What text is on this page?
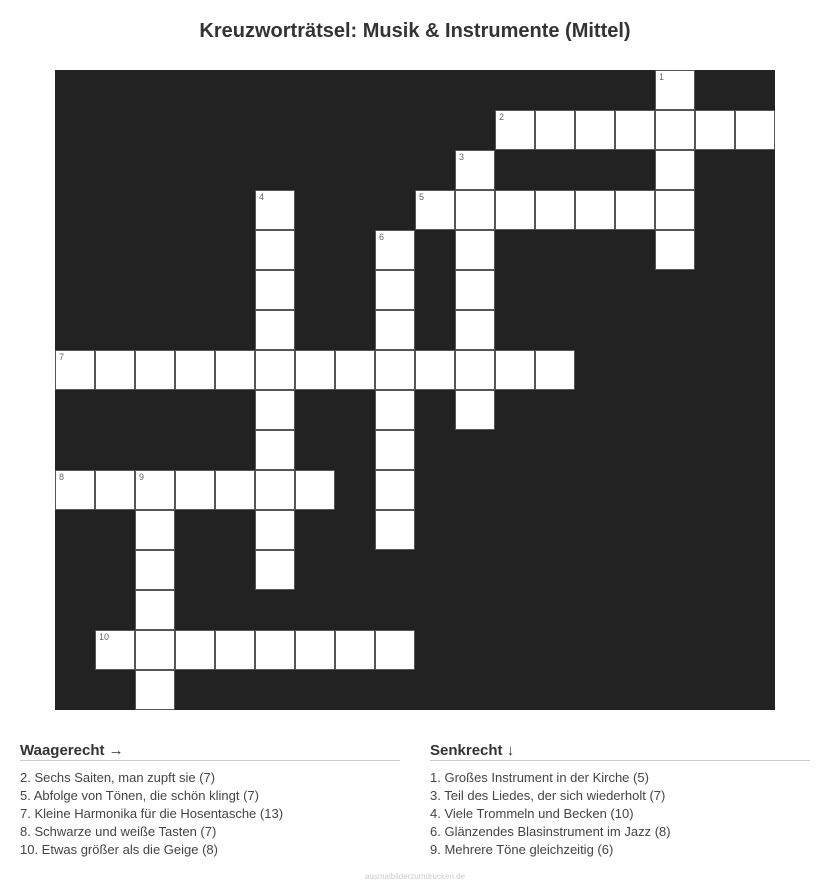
Kreuzworträtsel: Musik & Instrumente (Mittel)
1
2
3
4	5
6
7
8	9
10
Waagerecht →
2. Sechs Saiten, man zupft sie (7)
5. Abfolge von Tönen, die schön klingt (7)
7. Kleine Harmonika für die Hosentasche (13)
8. Schwarze und weiße Tasten (7)
10. Etwas größer als die Geige (8)
Senkrecht ↓
1. Großes Instrument in der Kirche (5)
3. Teil des Liedes, der sich wiederholt (7)
4. Viele Trommeln und Becken (10)
6. Glänzendes Blasinstrument im Jazz (8)
9. Mehrere Töne gleichzeitig (6)
ausmalbilderzumdrucken.de
